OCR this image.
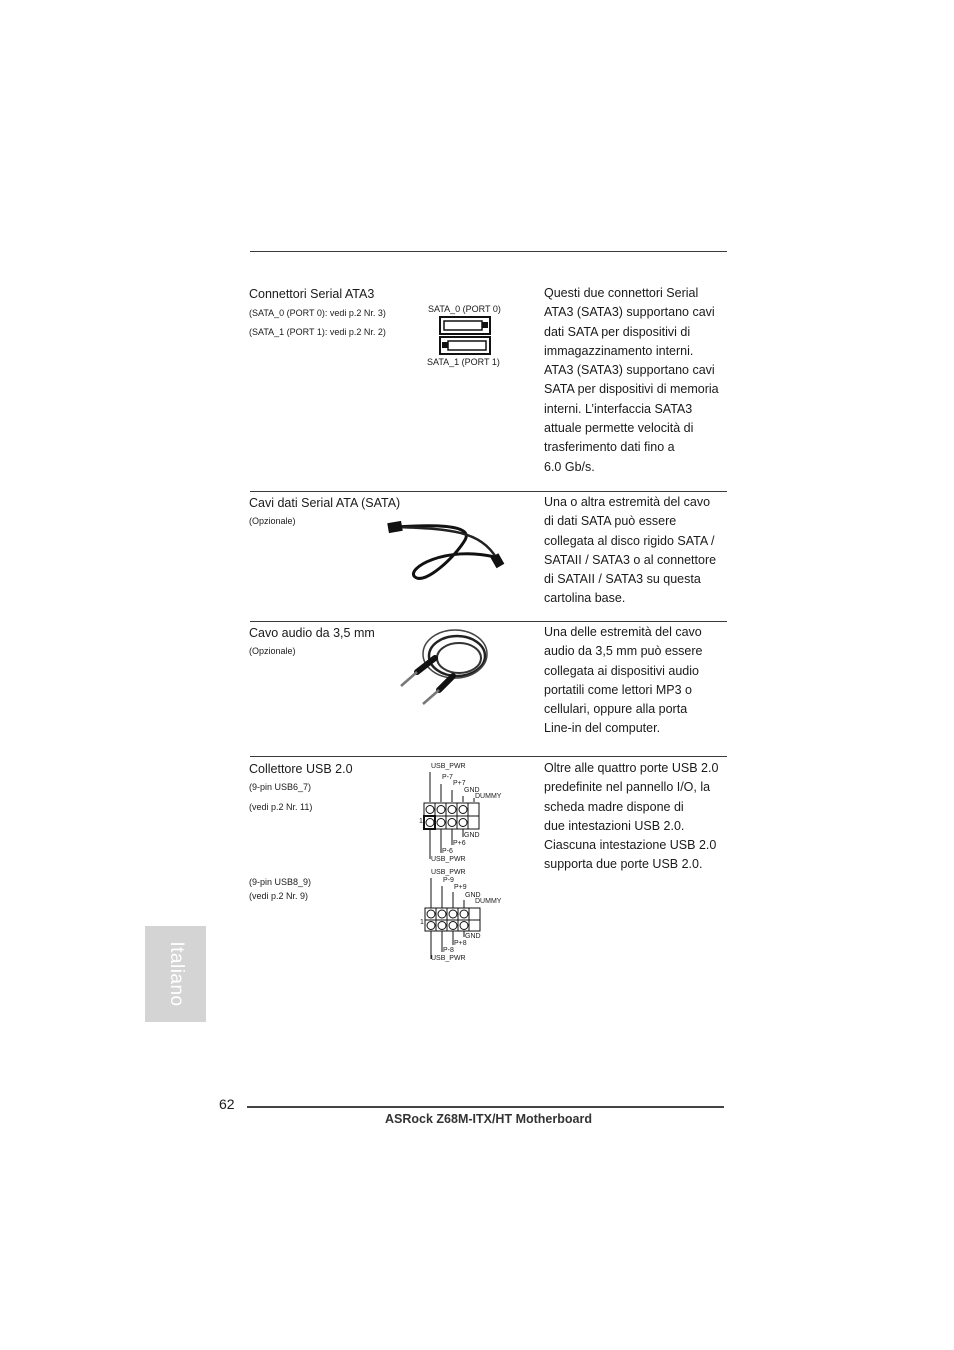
Connettori Serial ATA3
(SATA_0 (PORT 0): vedi p.2 Nr. 3)
(SATA_1 (PORT 1): vedi p.2 Nr. 2)
SATA_0 (PORT 0)
SATA_1 (PORT 1)
Questi due connettori Serial
ATA3 (SATA3) supportano cavi
dati SATA per dispositivi di
immagazzinamento interni.
ATA3 (SATA3) supportano cavi
SATA per dispositivi di memoria
interni. L’interfaccia SATA3
attuale permette velocità di
trasferimento dati fino a
6.0 Gb/s.
Cavi dati Serial ATA (SATA)
(Opzionale)
Una o altra estremità del cavo
di dati SATA può essere
collegata al disco rigido SATA /
SATAII / SATA3 o al connettore
di SATAII / SATA3 su questa
cartolina base.
Cavo audio da 3,5 mm
(Opzionale)
Una delle estremità del cavo
audio da 3,5 mm può essere
collegata ai dispositivi audio
portatili come lettori MP3 o
cellulari, oppure alla porta
Line-in del computer.
Collettore USB 2.0
(9-pin USB6_7)
(vedi p.2 Nr. 11)
(9-pin USB8_9)
(vedi p.2 Nr. 9)
USB_PWR
P-7
P+7
GND
DUMMY
1
GND
P+6
P-6
USB_PWR
USB_PWR
P-9
P+9
GND
DUMMY
1
GND
P+8
P-8
USB_PWR
Oltre alle quattro porte USB 2.0
predefinite nel pannello I/O, la
scheda madre dispone di
due intestazioni USB 2.0.
Ciascuna intestazione USB 2.0
supporta due porte USB 2.0.
Italiano
62
ASRock Z68M-ITX/HT Motherboard
